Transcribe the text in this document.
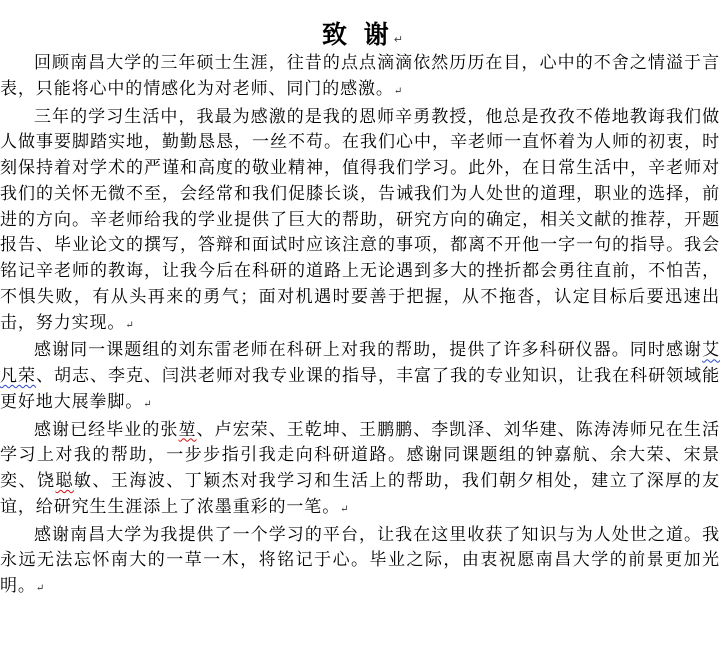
致 谢↵

回顾南昌大学的三年硕士生涯，往昔的点点滴滴依然历历在目，心中的不舍之情溢于言表，只能将心中的情感化为对老师、同门的感激。↵

三年的学习生活中，我最为感激的是我的恩师辛勇教授，他总是孜孜不倦地教诲我们做人做事要脚踏实地，勤勤恳恳，一丝不苟。在我们心中，辛老师一直怀着为人师的初衷，时刻保持着对学术的严谨和高度的敬业精神，值得我们学习。此外，在日常生活中，辛老师对我们的关怀无微不至，会经常和我们促膝长谈，告诫我们为人处世的道理，职业的选择，前进的方向。辛老师给我的学业提供了巨大的帮助，研究方向的确定，相关文献的推荐，开题报告、毕业论文的撰写，答辩和面试时应该注意的事项，都离不开他一字一句的指导。我会铭记辛老师的教诲，让我今后在科研的道路上无论遇到多大的挫折都会勇往直前，不怕苦，不惧失败，有从头再来的勇气；面对机遇时要善于把握，从不拖沓，认定目标后要迅速出击，努力实现。↵

感谢同一课题组的刘东雷老师在科研上对我的帮助，提供了许多科研仪器。同时感谢艾凡荣、胡志、李克、闫洪老师对我专业课的指导，丰富了我的专业知识，让我在科研领域能更好地大展拳脚。↵

感谢已经毕业的张堃、卢宏荣、王乾坤、王鹏鹏、李凯泽、刘华建、陈涛涛师兄在生活学习上对我的帮助，一步步指引我走向科研道路。感谢同课题组的钟嘉航、余大荣、宋景奕、饶聪敏、王海波、丁颖杰对我学习和生活上的帮助，我们朝夕相处，建立了深厚的友谊，给研究生生涯添上了浓墨重彩的一笔。↵

感谢南昌大学为我提供了一个学习的平台，让我在这里收获了知识与为人处世之道。我永远无法忘怀南大的一草一木，将铭记于心。毕业之际，由衷祝愿南昌大学的前景更加光明。↵
